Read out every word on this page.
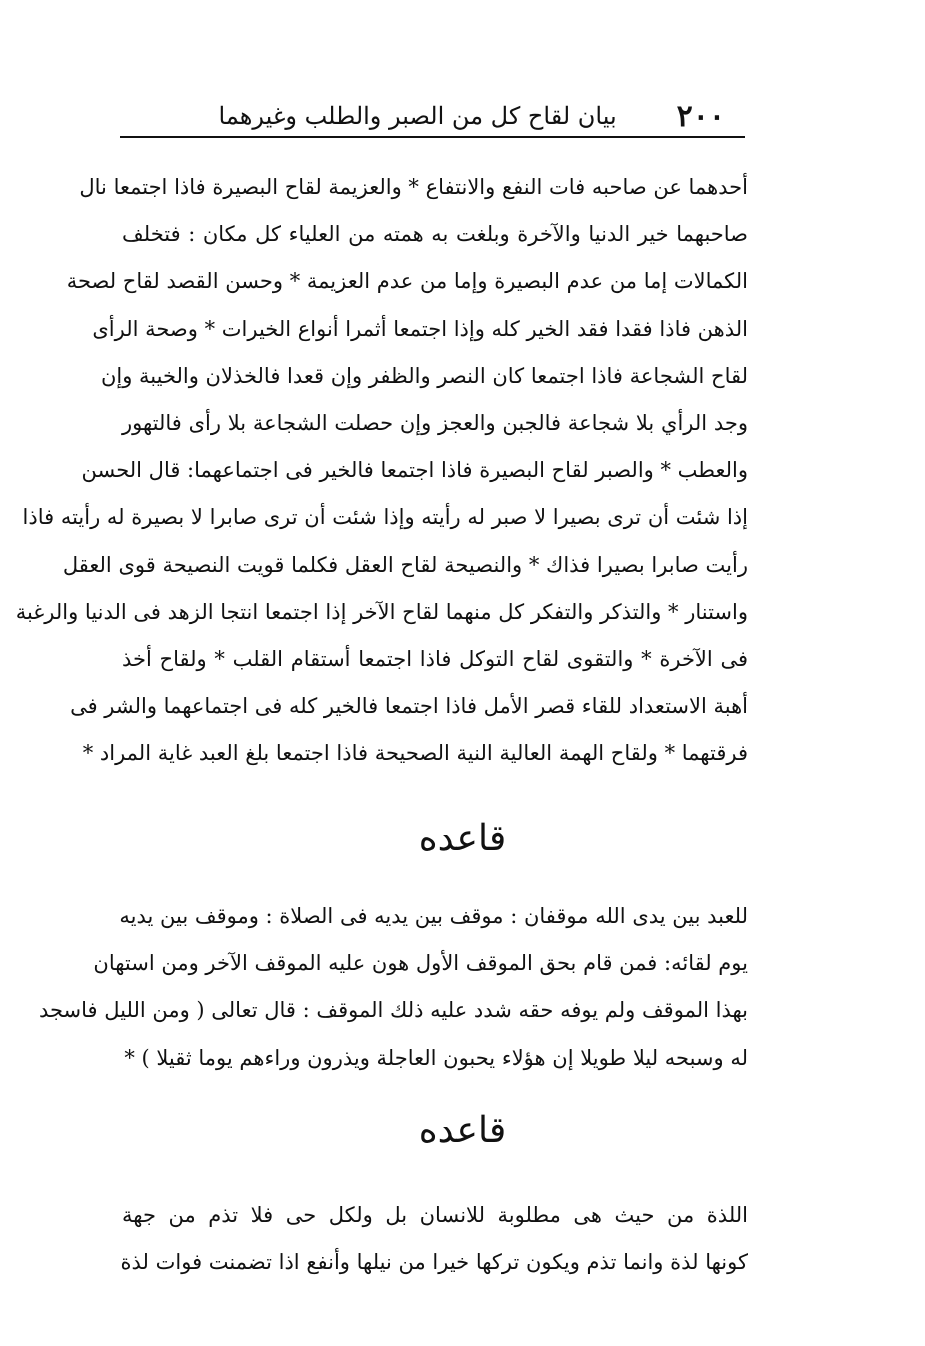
٢٠٠
بيان لقاح كل من الصبر والطلب وغيرهما
أحدهما عن صاحبه فات النفع والانتفاع * والعزيمة لقاح البصيرة فاذا اجتمعا نال
صاحبهما خير الدنيا والآخرة وبلغت به همته من العلياء كل مكان : فتخلف
الكمالات إما من عدم البصيرة وإما من عدم العزيمة * وحسن القصد لقاح لصحة
الذهن فاذا فقدا فقد الخير كله وإذا اجتمعا أثمرا أنواع الخيرات * وصحة الرأى
لقاح الشجاعة فاذا اجتمعا كان النصر والظفر وإن قعدا فالخذلان والخيبة وإن
وجد الرأي بلا شجاعة فالجبن والعجز وإن حصلت الشجاعة بلا رأى فالتهور
والعطب * والصبر لقاح البصيرة فاذا اجتمعا فالخير فى اجتماعهما: قال الحسن
إذا شئت أن ترى بصيرا لا صبر له رأيته وإذا شئت أن ترى صابرا لا بصيرة له رأيته فاذا
رأيت صابرا بصيرا فذاك * والنصيحة لقاح العقل فكلما قويت النصيحة قوى العقل
واستنار * والتذكر والتفكر كل منهما لقاح الآخر إذا اجتمعا انتجا الزهد فى الدنيا والرغبة
فى الآخرة * والتقوى لقاح التوكل فاذا اجتمعا أستقام القلب * ولقاح أخذ
أهبة الاستعداد للقاء قصر الأمل فاذا اجتمعا فالخير كله فى اجتماعهما والشر فى
فرقتهما * ولقاح الهمة العالية النية الصحيحة فاذا اجتمعا بلغ العبد غاية المراد *
قاعده
للعبد بين يدى الله موقفان : موقف بين يديه فى الصلاة : وموقف بين يديه
يوم لقائه: فمن قام بحق الموقف الأول هون عليه الموقف الآخر ومن استهان
بهذا الموقف ولم يوفه حقه شدد عليه ذلك الموقف : قال تعالى ( ومن الليل فاسجد
له وسبحه ليلا طويلا إن هؤلاء يحبون العاجلة ويذرون وراءهم يوما ثقيلا ) *
قاعده
اللذة من حيث هى مطلوبة للانسان بل ولكل حى فلا تذم من جهة
كونها لذة وانما تذم ويكون تركها خيرا من نيلها وأنفع اذا تضمنت فوات لذة
